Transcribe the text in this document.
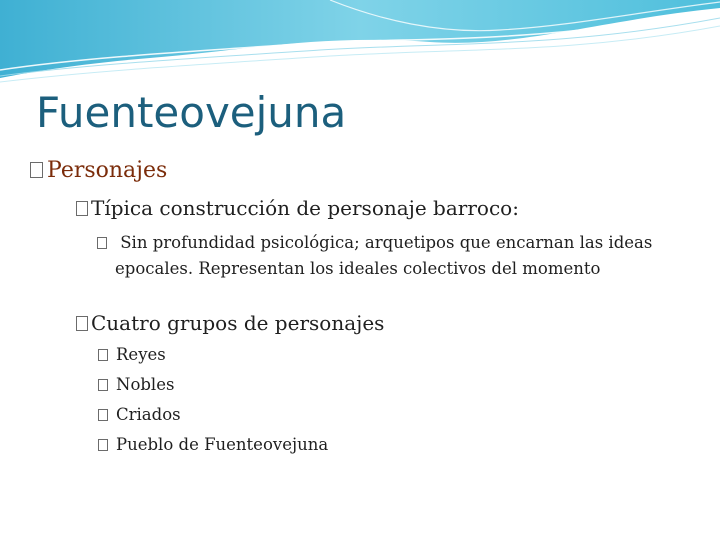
Fuenteovejuna
Personajes
Típica construcción de personaje barroco:
Sin profundidad psicológica; arquetipos que encarnan las ideas epocales. Representan los ideales colectivos del momento
Cuatro grupos de personajes
Reyes
Nobles
Criados
Pueblo de Fuenteovejuna
